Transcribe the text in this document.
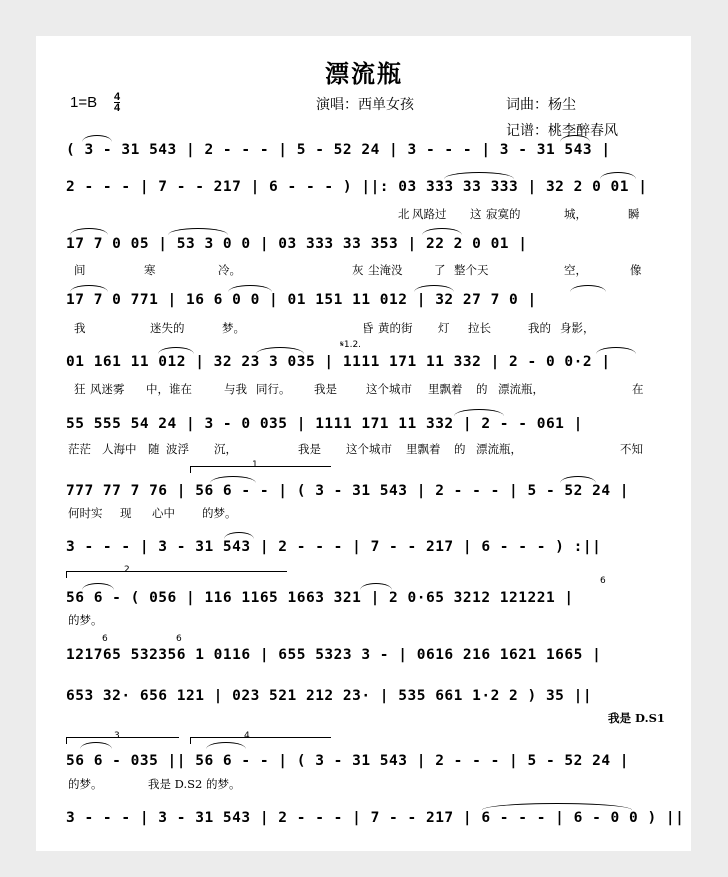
漂流瓶
1=B 4
4	演唱：西单女孩	词曲：杨尘
记谱：桃李醉春风
( 3 - 31 543 | 2 - - - | 5 - 52 24 | 3 - - - | 3 - 31 543 |
2 - - - | 7 - - 217 | 6 - - - ) ||: 03 333 33 333 | 32 2 0 01 |
17 7 0 05 | 53 3 0 0 | 03 333 33 353 | 22 2 0 01 |
17 7 0 771 | 16 6 0 0 | 01 151 11 012 | 32 27 7 0 |
01 161 11 012 | 32 23 3 035 | 1111 171 11 332 | 2 - 0 0·2 |
55 555 54 24 | 3 - 0 035 | 1111 171 11 332 | 2 - - 061 |
777 77 7 76 | 56 6 - - | ( 3 - 31 543 | 2 - - - | 5 - 52 24 |
3 - - - | 3 - 31 543 | 2 - - - | 7 - - 217 | 6 - - - ) :||
56 6 - ( 056 | 116 1165 1663 321 | 2 0·65 3212 121221 |
121765 532356 1 0116 | 655 5323 3 - | 0616 216 1621 1665 |
653 32· 656 121 | 023 521 212 23· | 535 661 1·2 2 ) 35 ||
56 6 - 035 || 56 6 - - | ( 3 - 31 543 | 2 - - - | 5 - 52 24 |
3 - - - | 3 - 31 543 | 2 - - - | 7 - - 217 | 6 - - - | 6 - 0 0 ) ||

北

风路过

这

寂寞的

	城，

	瞬

间

	寒

	冷。

	灰

尘淹没

	了

整个天

	空，

	像

我

	迷失的

	梦。

	昏

黄的街

灯

拉长

	我的

身影，

狂

风迷雾

中，谁在

	与我

同行。

我是

	这个城市

里飘着

的

漂流瓶，

	在

茫茫

人海中

随

波浮

沉，

	我是

这个城市

里飘着

的

漂流瓶，

	不知

何时实

现

心中

的梦。

的梦。

我是 D.S1

的梦。

	我是 D.S2 的梦。

𝄋1.2.
1
2
3	4
6
6	6
